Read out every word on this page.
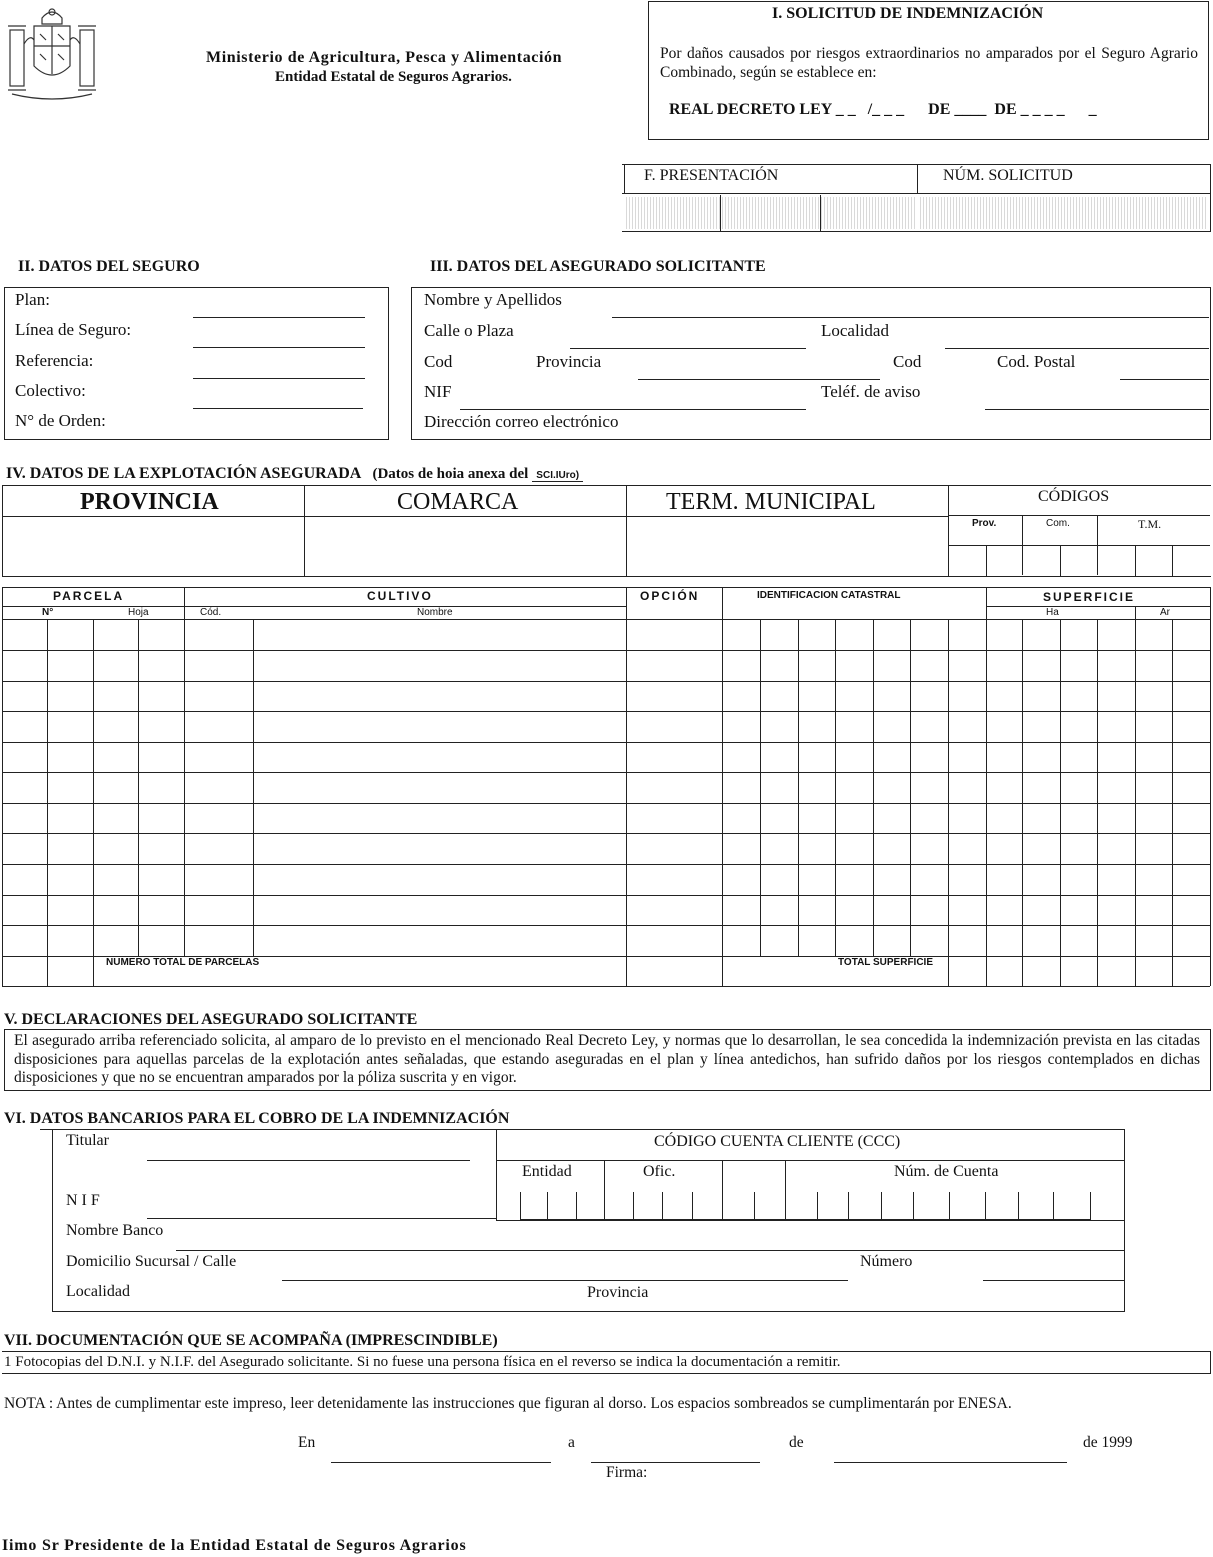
Ministerio de Agricultura, Pesca y Alimentación
Entidad Estatal de Seguros Agrarios.
I. SOLICITUD DE INDEMNIZACIÓN
Por daños causados por riesgos extraordinarios no amparados por el Seguro Agrario Combinado, según se establece en:
REAL DECRETO LEY _ _   /_ _ _      DE ____  DE _ _ _ _      _
F. PRESENTACIÓN	NÚM. SOLICITUD
II. DATOS DEL SEGURO
Plan:
Línea de Seguro:
Referencia:
Colectivo:
N° de Orden:
III. DATOS DEL ASEGURADO SOLICITANTE
Nombre y Apellidos
Calle o Plaza	Localidad
Cod	Provincia	Cod	Cod. Postal
NIF	Teléf. de aviso
Dirección correo electrónico
IV. DATOS DE LA EXPLOTACIÓN ASEGURADA (Datos de hoia anexa del SCI.IUro)
PROVINCIA	COMARCA	TERM. MUNICIPAL	CÓDIGOS
Prov.	Com.	T.M.
PARCELA	CULTIVO	OPCIÓN	IDENTIFICACION CATASTRAL	SUPERFICIE
N°	Hoja	Cód.	Nombre	Ha	Ar
NUMERO TOTAL DE PARCELAS	TOTAL SUPERFICIE
V. DECLARACIONES DEL ASEGURADO SOLICITANTE
El asegurado arriba referenciado solicita, al amparo de lo previsto en el mencionado Real Decreto Ley, y normas que lo desarrollan, le sea concedida la indemnización prevista en las citadas disposiciones para aquellas parcelas de la explotación antes señaladas, que estando aseguradas en el plan y línea antedichos, han sufrido daños por los riesgos contemplados en dichas disposiciones y que no se encuentran amparados por la póliza suscrita y en vigor.
VI. DATOS BANCARIOS PARA EL COBRO DE LA INDEMNIZACIÓN
Titular	CÓDIGO CUENTA CLIENTE (CCC)
Entidad	Ofic.	Núm. de Cuenta
N I F
Nombre Banco
Domicilio Sucursal / Calle	Número
Localidad	Provincia
VII. DOCUMENTACIÓN QUE SE ACOMPAÑA (IMPRESCINDIBLE)
1 Fotocopias del D.N.I. y N.I.F. del Asegurado solicitante. Si no fuese una persona física en el reverso se indica la documentación a remitir.
NOTA : Antes de cumplimentar este impreso, leer detenidamente las instrucciones que figuran al dorso. Los espacios sombreados se cumplimentarán por ENESA.
En	a	de	de 1999
Firma:
Iimo Sr Presidente de la Entidad Estatal de Seguros Agrarios
